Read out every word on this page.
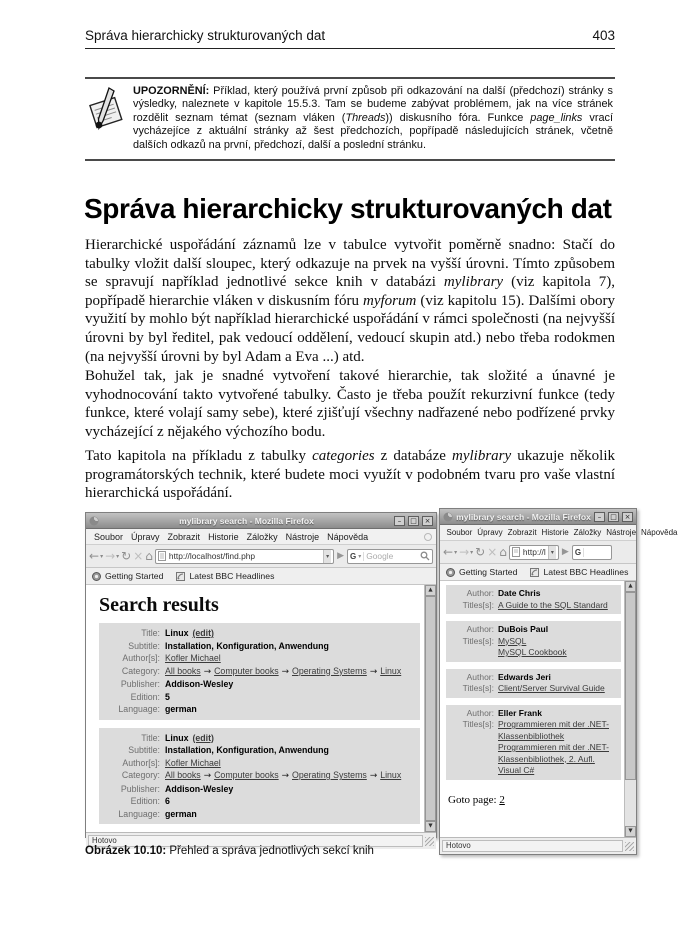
Správa hierarchicky strukturovaných dat	403

UPOZORNĚNÍ: Příklad, který používá první způsob při odkazování na další (předchozí) stránky s výsledky, naleznete v kapitole 15.5.3. Tam se budeme zabývat problémem, jak na více stránek rozdělit seznam témat (seznam vláken (Threads)) diskusního fóra. Funkce page_links vrací vycházejíce z aktuální stránky až šest předchozích, popřípadě následujících stránek, včetně dalších odkazů na první, předchozí, další a poslední stránku.

Správa hierarchicky strukturovaných dat

Hierarchické uspořádání záznamů lze v tabulce vytvořit poměrně snadno: Stačí do tabulky vložit další sloupec, který odkazuje na prvek na vyšší úrovni. Tímto způsobem se spravují například jednotlivé sekce knih v databázi mylibrary (viz kapitola 7), popřípadě hierarchie vláken v diskusním fóru myforum (viz kapitolu 15). Dalšími obory využití by mohlo být například hierarchické uspořádání v rámci společnosti (na nejvyšší úrovni by byl ředitel, pak vedoucí oddělení, vedoucí skupin atd.) nebo třeba rodokmen (na nejvyšší úrovni by byl Adam a Eva ...) atd.

Bohužel tak, jak je snadné vytvoření takové hierarchie, tak složité a únavné je vyhodnocování takto vytvořené tabulky. Často je třeba použít rekurzivní funkce (tedy funkce, které volají samy sebe), které zjišťují všechny nadřazené nebo podřízené prvky vycházející z nějakého výchozího bodu.

Tato kapitola na příkladu z tabulky categories z databáze mylibrary ukazuje několik programátorských technik, které budete moci využít v podobném tvaru pro vaše vlastní hierarchická uspořádání.

mylibrary search - Mozilla Firefox	–	□	×
Soubor Úpravy Zobrazit Historie Záložky Nástroje Nápověda
←▾ →▾ ↻ × ⌂ http://localhost/find.php	▾ ▶ G ▾ Google
Getting Started	Latest BBC Headlines
Search results
Title: Linux (edit)
Subtitle: Installation, Konfiguration, Anwendung
Author[s]: Kofler Michael
Category: All books → Computer books → Operating Systems → Linux
Publisher: Addison-Wesley
Edition: 5
Language: german
Title: Linux (edit)
Subtitle: Installation, Konfiguration, Anwendung
Author[s]: Kofler Michael
Category: All books → Computer books → Operating Systems → Linux
Publisher: Addison-Wesley
Edition: 6
Language: german
▲
▼
Hotovo
mylibrary search - Mozilla Firefox –	□	×
Soubor Úpravy Zobrazit Historie Záložky Nástroje Nápověda
←▾ →▾ ↻ × ⌂ http://l ▾ ▶ G
Getting Started	Latest BBC Headlines
Author: Date Chris
Titles[s]: A Guide to the SQL Standard
Author: DuBois Paul
Titles[s]: MySQL
MySQL Cookbook
Author: Edwards Jeri
Titles[s]: Client/Server Survival Guide
Author: Eller Frank
Titles[s]: Programmieren mit der .NET-Klassenbibliothek
Programmieren mit der .NET-Klassenbibliothek, 2. Aufl.
Visual C#
Goto page: 2
▲
▼
Hotovo

Obrázek 10.10: Přehled a správa jednotlivých sekcí knih
